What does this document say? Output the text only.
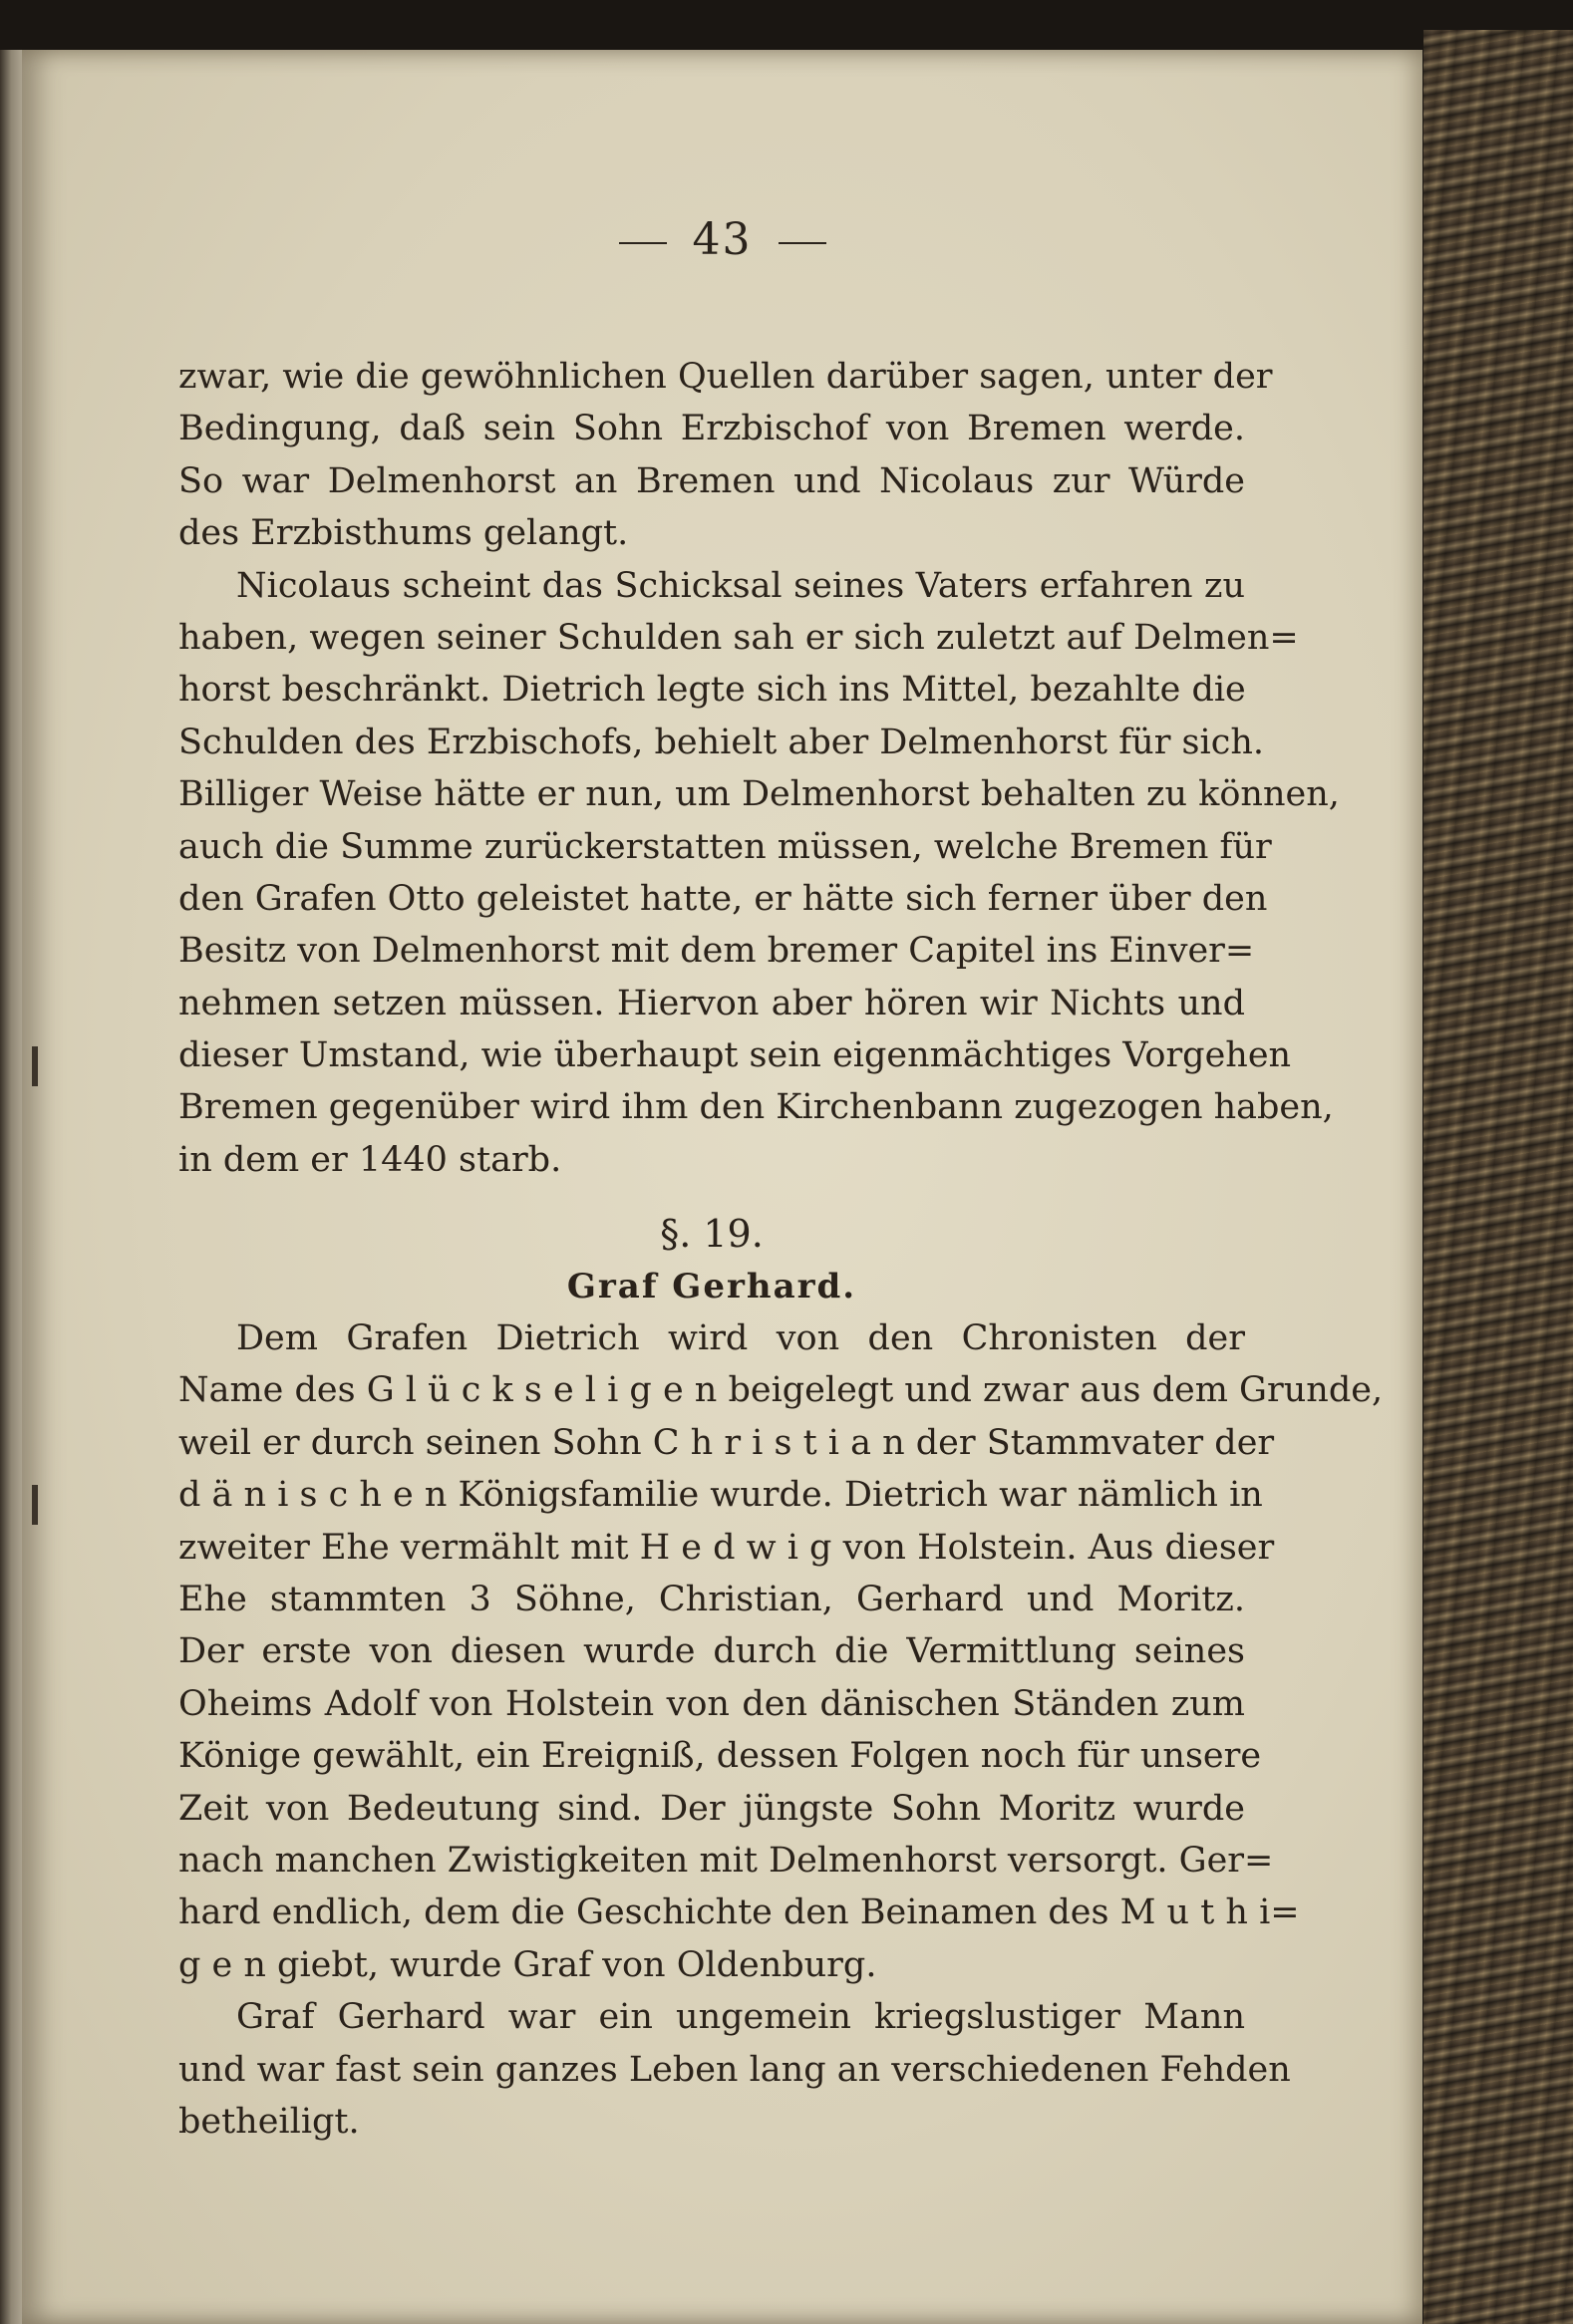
43
zwar, wie die gewöhnlichen Quellen darüber sagen, unter der
Bedingung, daß sein Sohn Erzbischof von Bremen werde.
So war Delmenhorst an Bremen und Nicolaus zur Würde
des Erzbisthums gelangt.
Nicolaus scheint das Schicksal seines Vaters erfahren zu
haben, wegen seiner Schulden sah er sich zuletzt auf Delmen=
horst beschränkt. Dietrich legte sich ins Mittel, bezahlte die
Schulden des Erzbischofs, behielt aber Delmenhorst für sich.
Billiger Weise hätte er nun, um Delmenhorst behalten zu können,
auch die Summe zurückerstatten müssen, welche Bremen für
den Grafen Otto geleistet hatte, er hätte sich ferner über den
Besitz von Delmenhorst mit dem bremer Capitel ins Einver=
nehmen setzen müssen. Hiervon aber hören wir Nichts und
dieser Umstand, wie überhaupt sein eigenmächtiges Vorgehen
Bremen gegenüber wird ihm den Kirchenbann zugezogen haben,
in dem er 1440 starb.
§. 19.
Graf Gerhard.
Dem Grafen Dietrich wird von den Chronisten der
Name des G l ü c k s e l i g e n beigelegt und zwar aus dem Grunde,
weil er durch seinen Sohn C h r i s t i a n der Stammvater der
d ä n i s c h e n Königsfamilie wurde. Dietrich war nämlich in
zweiter Ehe vermählt mit H e d w i g von Holstein. Aus dieser
Ehe stammten 3 Söhne, Christian, Gerhard und Moritz.
Der erste von diesen wurde durch die Vermittlung seines
Oheims Adolf von Holstein von den dänischen Ständen zum
Könige gewählt, ein Ereigniß, dessen Folgen noch für unsere
Zeit von Bedeutung sind. Der jüngste Sohn Moritz wurde
nach manchen Zwistigkeiten mit Delmenhorst versorgt. Ger=
hard endlich, dem die Geschichte den Beinamen des M u t h i=
g e n giebt, wurde Graf von Oldenburg.
Graf Gerhard war ein ungemein kriegslustiger Mann
und war fast sein ganzes Leben lang an verschiedenen Fehden
betheiligt.
